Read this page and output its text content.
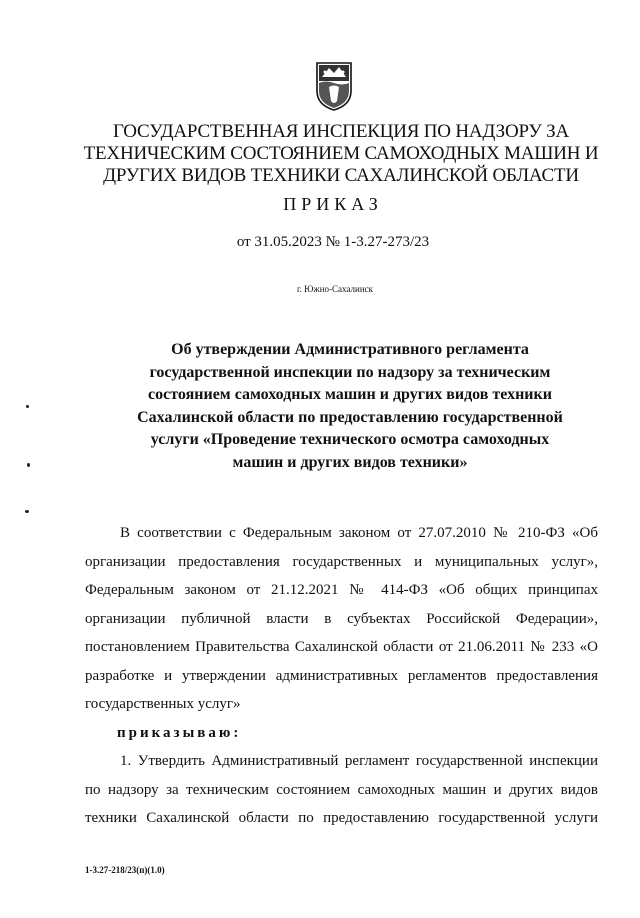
ГОСУДАРСТВЕННАЯ ИНСПЕКЦИЯ ПО НАДЗОРУ ЗА
ТЕХНИЧЕСКИМ СОСТОЯНИЕМ САМОХОДНЫХ МАШИН И
ДРУГИХ ВИДОВ ТЕХНИКИ САХАЛИНСКОЙ ОБЛАСТИ
ПРИКАЗ
от 31.05.2023 № 1-3.27-273/23
г. Южно-Сахалинск
Об утверждении Административного регламента
государственной инспекции по надзору за техническим
состоянием самоходных машин и других видов техники
Сахалинской области по предоставлению государственной
услуги «Проведение технического осмотра самоходных
машин и других видов техники»
В соответствии с Федеральным законом от 27.07.2010 № 210-ФЗ «Об
организации предоставления государственных и муниципальных услуг»,
Федеральным законом от 21.12.2021 № 414-ФЗ «Об общих принципах
организации публичной власти в субъектах Российской Федерации»,
постановлением Правительства Сахалинской области от 21.06.2011 № 233 «О
разработке и утверждении административных регламентов предоставления
государственных услуг»
приказываю:
1. Утвердить Административный регламент государственной инспекции
по надзору за техническим состоянием самоходных машин и других видов
техники Сахалинской области по предоставлению государственной услуги
1-3.27-218/23(п)(1.0)
